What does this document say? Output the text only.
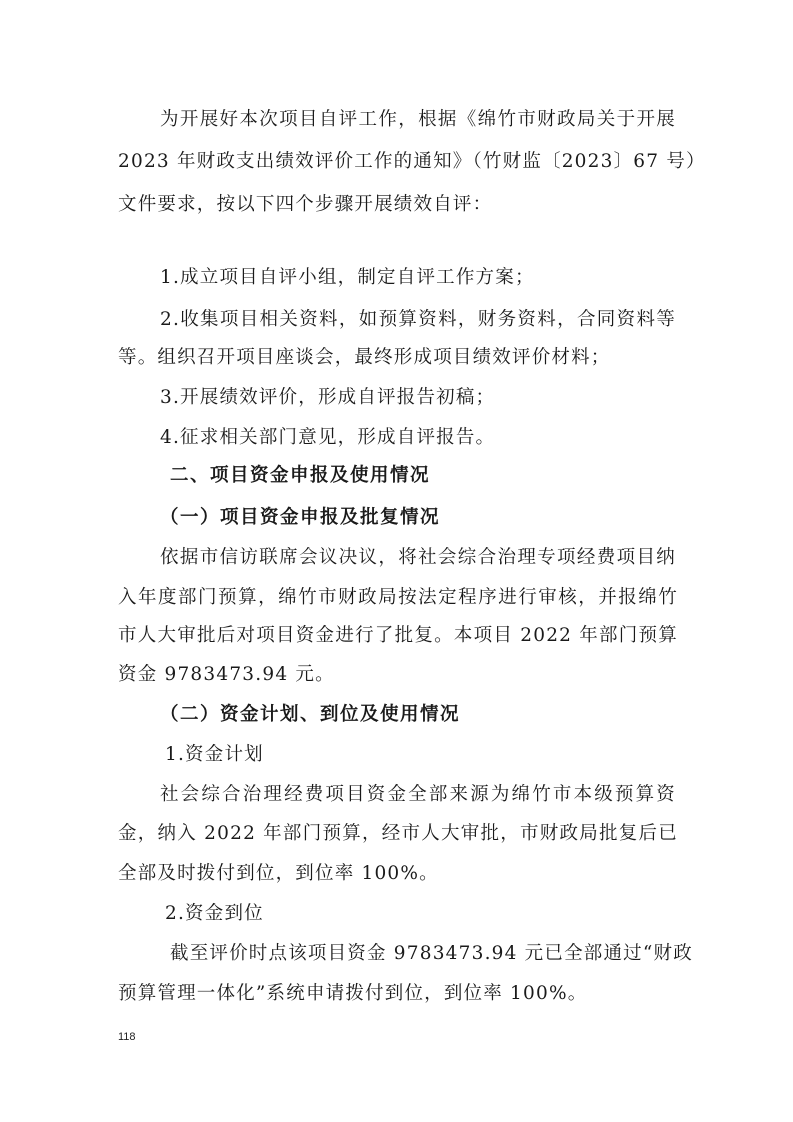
为开展好本次项目自评工作，根据《绵竹市财政局关于开展
2023 年财政支出绩效评价工作的通知》（竹财监〔2023〕67 号）
文件要求，按以下四个步骤开展绩效自评：
1.成立项目自评小组，制定自评工作方案；
2.收集项目相关资料，如预算资料，财务资料，合同资料等
等。组织召开项目座谈会，最终形成项目绩效评价材料；
3.开展绩效评价，形成自评报告初稿；
4.征求相关部门意见，形成自评报告。
二、项目资金申报及使用情况
（一）项目资金申报及批复情况
依据市信访联席会议决议，将社会综合治理专项经费项目纳
入年度部门预算，绵竹市财政局按法定程序进行审核，并报绵竹
市人大审批后对项目资金进行了批复。本项目 2022 年部门预算
资金 9783473.94 元。
（二）资金计划、到位及使用情况
1.资金计划
社会综合治理经费项目资金全部来源为绵竹市本级预算资
金，纳入 2022 年部门预算，经市人大审批，市财政局批复后已
全部及时拨付到位，到位率 100%。
2.资金到位
截至评价时点该项目资金 9783473.94 元已全部通过“财政
预算管理一体化”系统申请拨付到位，到位率 100%。
118
